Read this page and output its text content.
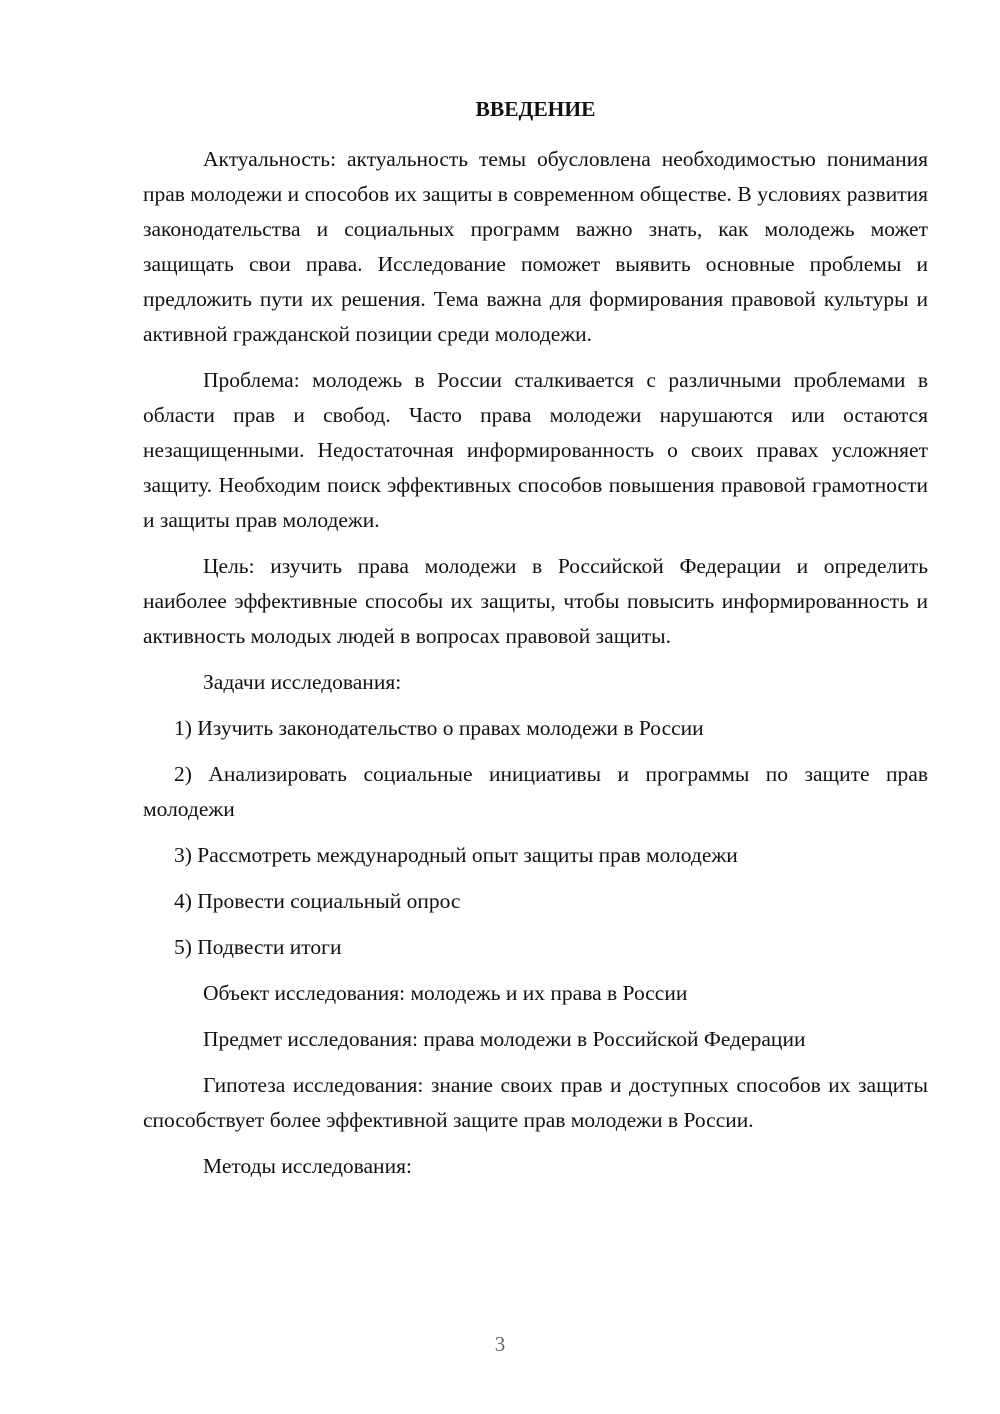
ВВЕДЕНИЕ
Актуальность: актуальность темы обусловлена необходимостью понимания прав молодежи и способов их защиты в современном обществе. В условиях развития законодательства и социальных программ важно знать, как молодежь может защищать свои права. Исследование поможет выявить основные проблемы и предложить пути их решения. Тема важна для формирования правовой культуры и активной гражданской позиции среди молодежи.
Проблема: молодежь в России сталкивается с различными проблемами в области прав и свобод. Часто права молодежи нарушаются или остаются незащищенными. Недостаточная информированность о своих правах усложняет защиту. Необходим поиск эффективных способов повышения правовой грамотности и защиты прав молодежи.
Цель: изучить права молодежи в Российской Федерации и определить наиболее эффективные способы их защиты, чтобы повысить информированность и активность молодых людей в вопросах правовой защиты.
Задачи исследования:
1) Изучить законодательство о правах молодежи в России
2) Анализировать социальные инициативы и программы по защите прав молодежи
3) Рассмотреть международный опыт защиты прав молодежи
4) Провести социальный опрос
5) Подвести итоги
Объект исследования: молодежь и их права в России
Предмет исследования: права молодежи в Российской Федерации
Гипотеза исследования: знание своих прав и доступных способов их защиты способствует более эффективной защите прав молодежи в России.
Методы исследования:
3
